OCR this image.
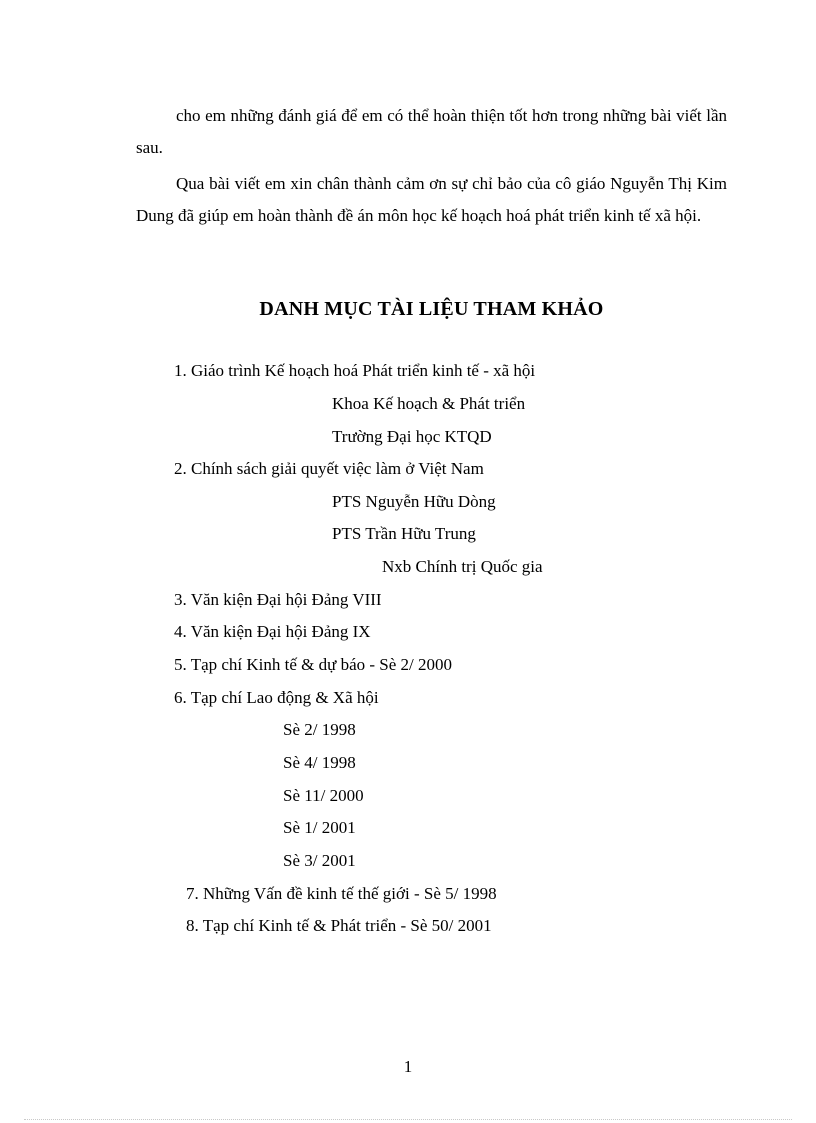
cho em những đánh giá để em có thể hoàn thiện tốt hơn trong những bài viết lần sau.

Qua bài viết em xin chân thành cảm ơn sự chỉ bảo của cô giáo Nguyễn Thị Kim Dung đã giúp em hoàn thành đề án môn học kế hoạch hoá phát triển kinh tế xã hội.

DANH MỤC TÀI LIỆU THAM KHẢO

1. Giáo trình Kế hoạch hoá Phát triển kinh tế - xã hội

Khoa Kế hoạch & Phát triển

Trường Đại học KTQD

2. Chính sách giải quyết việc làm ở Việt Nam

PTS Nguyễn Hữu Dòng

PTS Trần Hữu Trung

Nxb Chính trị Quốc gia

3. Văn kiện Đại hội Đảng VIII

4. Văn kiện Đại hội Đảng IX

5. Tạp chí Kinh tế & dự báo - Sè 2/ 2000

6. Tạp chí Lao động & Xã hội

Sè 2/ 1998

Sè 4/ 1998

Sè 11/ 2000

Sè 1/ 2001

Sè 3/ 2001

7. Những Vấn đề kinh tế thế giới - Sè 5/ 1998

8. Tạp chí Kinh tế & Phát triển - Sè 50/ 2001

1
